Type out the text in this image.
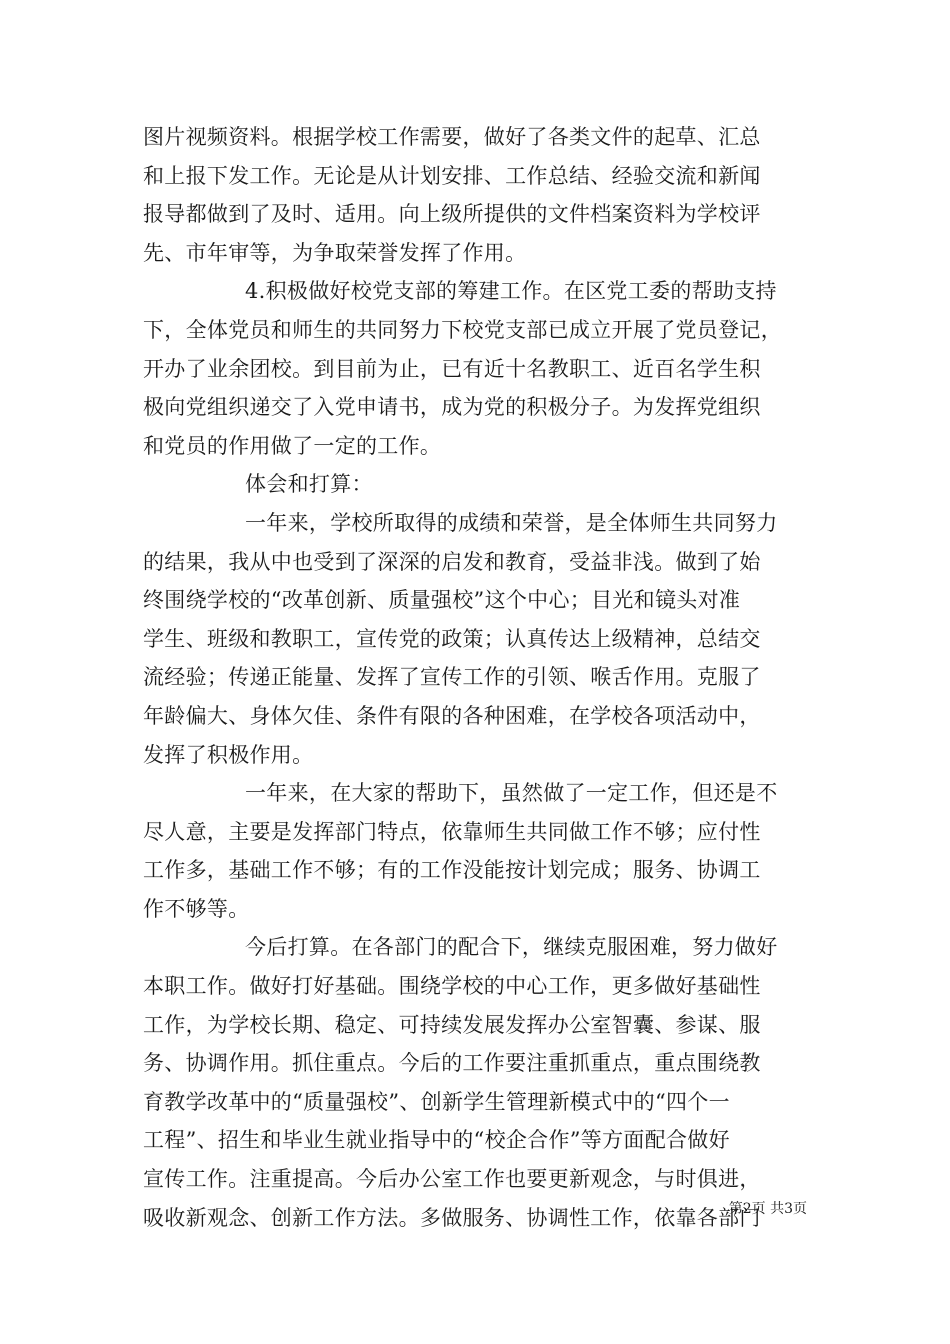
图片视频资料。根据学校工作需要，做好了各类文件的起草、汇总
和上报下发工作。无论是从计划安排、工作总结、经验交流和新闻
报导都做到了及时、适用。向上级所提供的文件档案资料为学校评
先、市年审等，为争取荣誉发挥了作用。
4.积极做好校党支部的筹建工作。在区党工委的帮助支持
下，全体党员和师生的共同努力下校党支部已成立开展了党员登记，
开办了业余团校。到目前为止，已有近十名教职工、近百名学生积
极向党组织递交了入党申请书，成为党的积极分子。为发挥党组织
和党员的作用做了一定的工作。
体会和打算：
一年来，学校所取得的成绩和荣誉，是全体师生共同努力
的结果，我从中也受到了深深的启发和教育，受益非浅。做到了始
终围绕学校的“改革创新、质量强校”这个中心；目光和镜头对准
学生、班级和教职工，宣传党的政策；认真传达上级精神，总结交
流经验；传递正能量、发挥了宣传工作的引领、喉舌作用。克服了
年龄偏大、身体欠佳、条件有限的各种困难，在学校各项活动中，
发挥了积极作用。
一年来，在大家的帮助下，虽然做了一定工作，但还是不
尽人意，主要是发挥部门特点，依靠师生共同做工作不够；应付性
工作多，基础工作不够；有的工作没能按计划完成；服务、协调工
作不够等。
今后打算。在各部门的配合下，继续克服困难，努力做好
本职工作。做好打好基础。围绕学校的中心工作，更多做好基础性
工作，为学校长期、稳定、可持续发展发挥办公室智囊、参谋、服
务、协调作用。抓住重点。今后的工作要注重抓重点，重点围绕教
育教学改革中的“质量强校”、创新学生管理新模式中的“四个一
工程”、招生和毕业生就业指导中的“校企合作”等方面配合做好
宣传工作。注重提高。今后办公室工作也要更新观念，与时俱进，
吸收新观念、创新工作方法。多做服务、协调性工作，依靠各部门
第2页 共3页
